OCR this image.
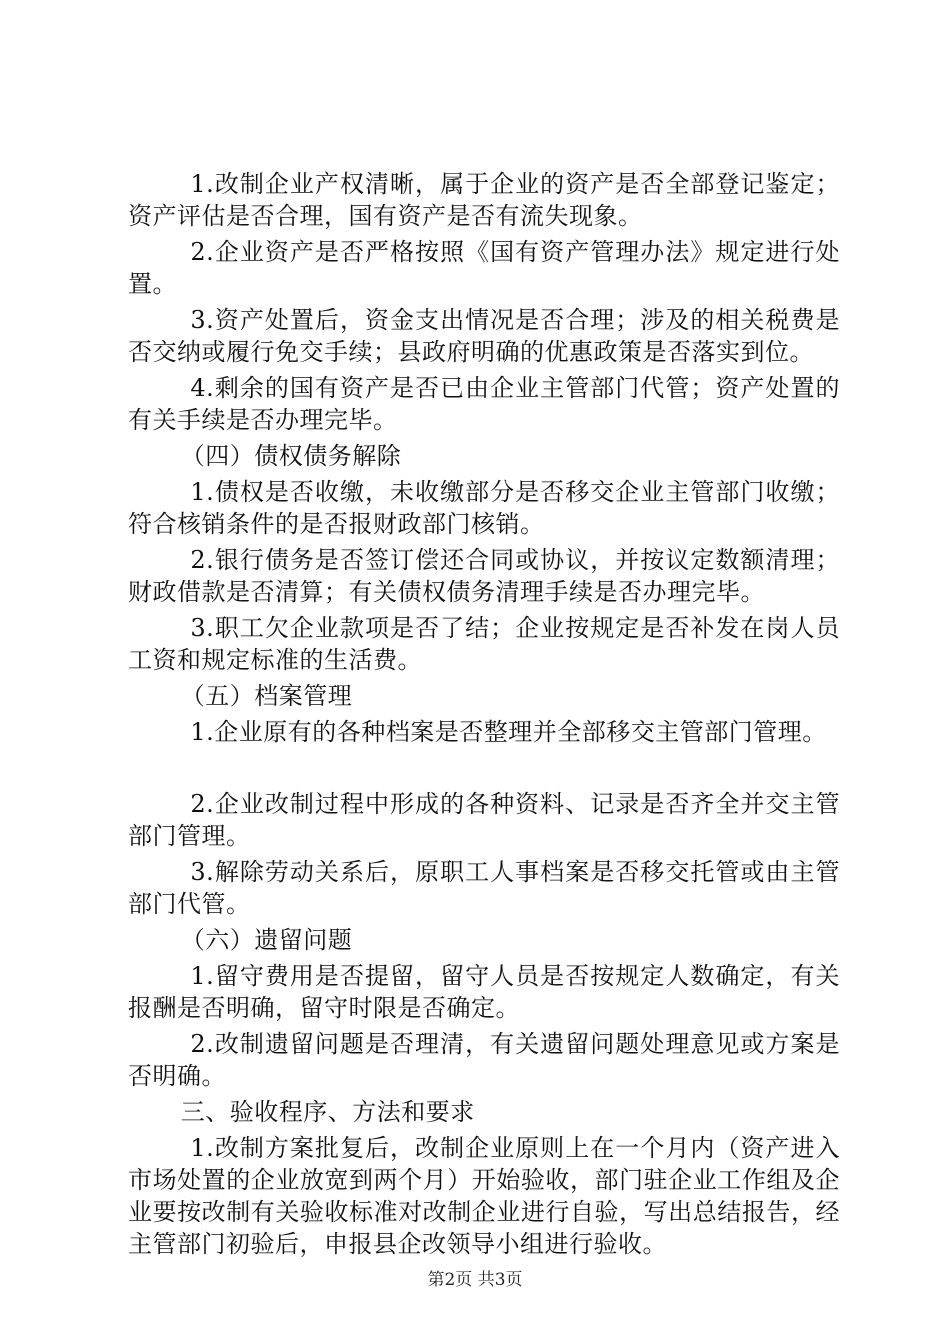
1.改制企业产权清晰，属于企业的资产是否全部登记鉴定；资产评估是否合理，国有资产是否有流失现象。

2.企业资产是否严格按照《国有资产管理办法》规定进行处置。

3.资产处置后，资金支出情况是否合理；涉及的相关税费是否交纳或履行免交手续；县政府明确的优惠政策是否落实到位。

4.剩余的国有资产是否已由企业主管部门代管；资产处置的有关手续是否办理完毕。

（四）债权债务解除

1.债权是否收缴，未收缴部分是否移交企业主管部门收缴；符合核销条件的是否报财政部门核销。

2.银行债务是否签订偿还合同或协议，并按议定数额清理；财政借款是否清算；有关债权债务清理手续是否办理完毕。

3.职工欠企业款项是否了结；企业按规定是否补发在岗人员工资和规定标准的生活费。

（五）档案管理

1.企业原有的各种档案是否整理并全部移交主管部门管理。

2.企业改制过程中形成的各种资料、记录是否齐全并交主管部门管理。

3.解除劳动关系后，原职工人事档案是否移交托管或由主管部门代管。

（六）遗留问题

1.留守费用是否提留，留守人员是否按规定人数确定，有关报酬是否明确，留守时限是否确定。

2.改制遗留问题是否理清，有关遗留问题处理意见或方案是否明确。

三、验收程序、方法和要求

1.改制方案批复后，改制企业原则上在一个月内（资产进入市场处置的企业放宽到两个月）开始验收，部门驻企业工作组及企业要按改制有关验收标准对改制企业进行自验，写出总结报告，经主管部门初验后，申报县企改领导小组进行验收。

第2页 共3页
